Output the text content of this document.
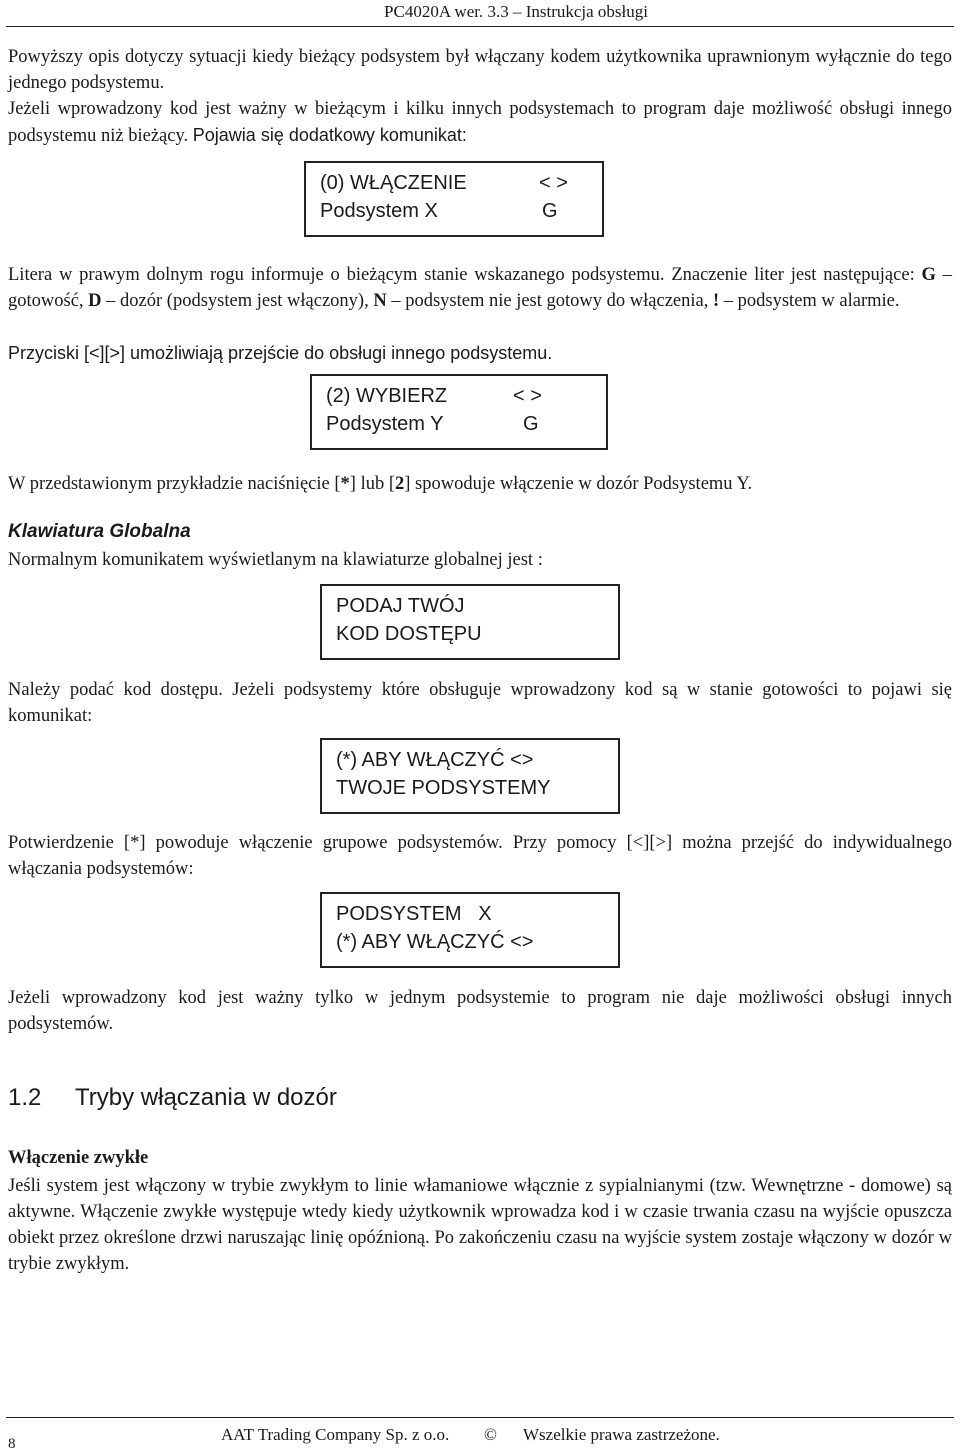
PC4020A wer. 3.3 – Instrukcja obsługi
Powyższy opis dotyczy sytuacji kiedy bieżący podsystem był włączany kodem użytkownika uprawnionym wyłącznie do tego jednego podsystemu.
Jeżeli wprowadzony kod jest ważny w bieżącym i kilku innych podsystemach to program daje możliwość obsługi innego podsystemu niż bieżący. Pojawia się dodatkowy komunikat:
(0) WŁĄCZENIE	< >
Podsystem X	G
Litera w prawym dolnym rogu informuje o bieżącym stanie wskazanego podsystemu. Znaczenie liter jest następujące: G – gotowość, D – dozór (podsystem jest włączony), N – podsystem nie jest gotowy do włączenia, ! – podsystem w alarmie.
Przyciski [<][>] umożliwiają przejście do obsługi innego podsystemu.
(2) WYBIERZ	< >
Podsystem Y	G
W przedstawionym przykładzie naciśnięcie [*] lub [2] spowoduje włączenie w dozór Podsystemu Y.
Klawiatura Globalna
Normalnym komunikatem wyświetlanym na klawiaturze globalnej jest :
PODAJ TWÓJ
KOD DOSTĘPU
Należy podać kod dostępu. Jeżeli podsystemy które obsługuje wprowadzony kod są w stanie gotowości to pojawi się komunikat:
(*) ABY WŁĄCZYĆ <>
TWOJE PODSYSTEMY
Potwierdzenie [*] powoduje włączenie grupowe podsystemów. Przy pomocy [<][>] można przejść do indywidualnego włączania podsystemów:
PODSYSTEM   X
(*) ABY WŁĄCZYĆ <>
Jeżeli wprowadzony kod jest ważny tylko w jednym podsystemie to program nie daje możliwości obsługi innych podsystemów.
1.2 Tryby włączania w dozór
Włączenie zwykłe
Jeśli system jest włączony w trybie zwykłym to linie włamaniowe włącznie z sypialnianymi (tzw. Wewnętrzne - domowe) są aktywne. Włączenie zwykłe występuje wtedy kiedy użytkownik wprowadza kod i w czasie trwania czasu na wyjście opuszcza obiekt przez określone drzwi naruszając linię opóźnioną. Po zakończeniu czasu na wyjście system zostaje włączony w dozór w trybie zwykłym.
8	AAT Trading Company Sp. z o.o. © Wszelkie prawa zastrzeżone.
